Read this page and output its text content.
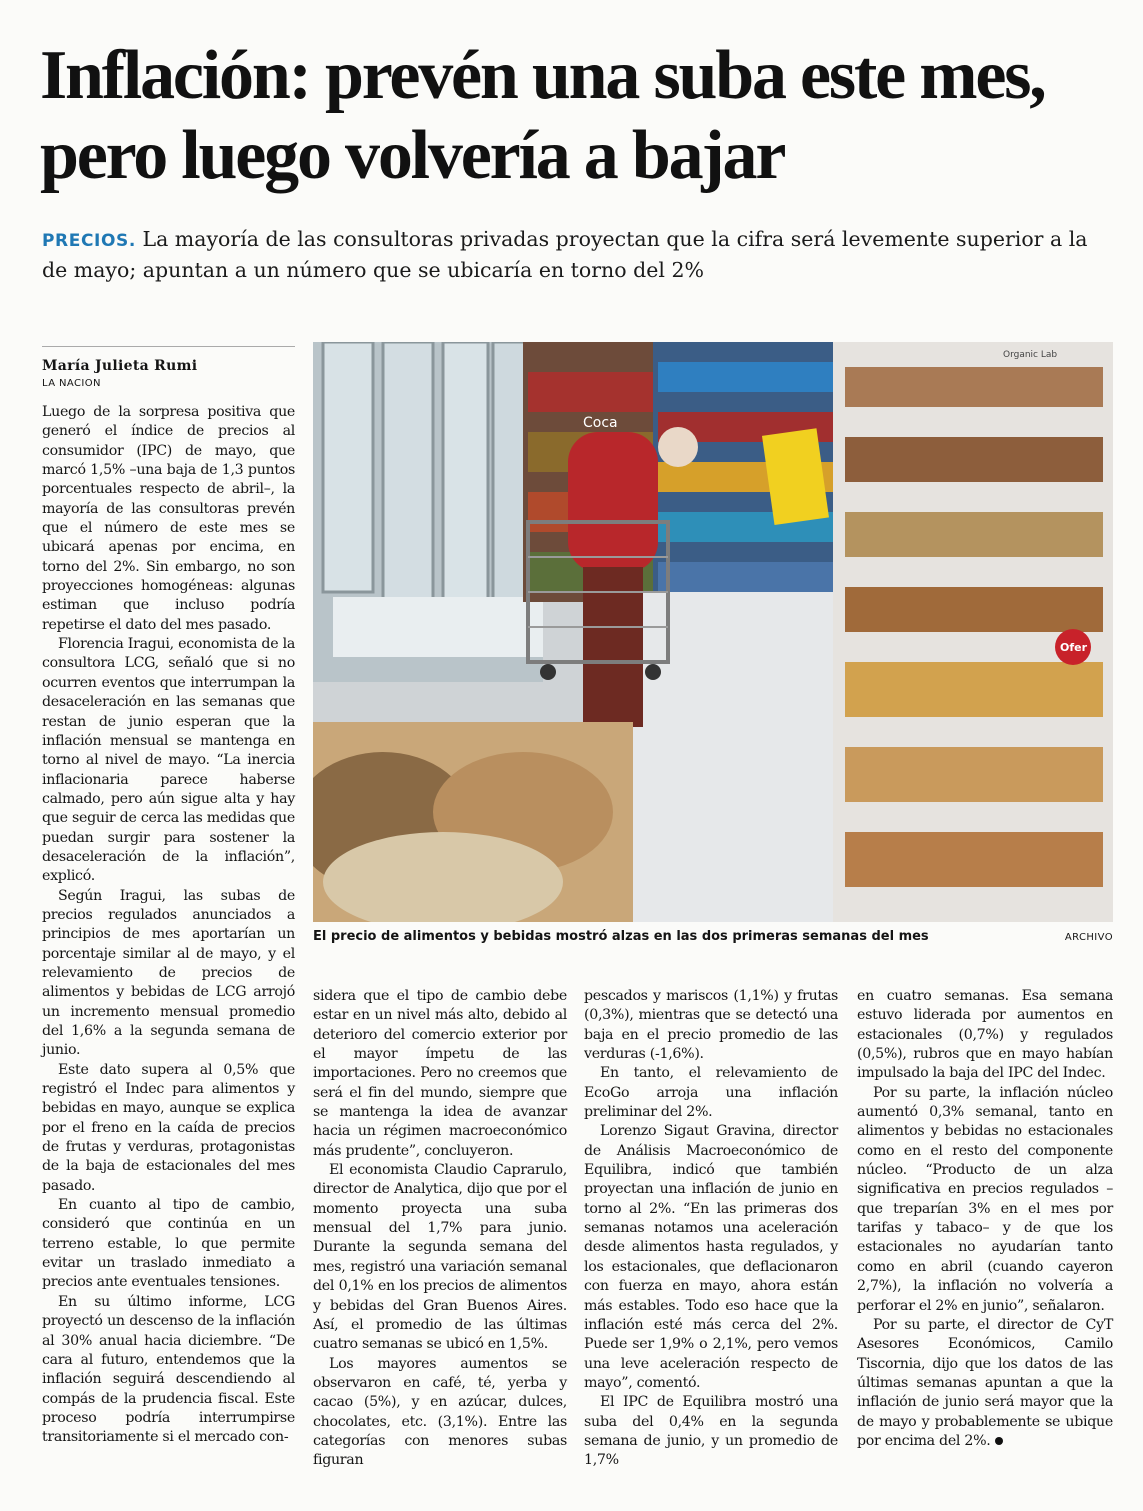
Inflación: prevén una suba este mes, pero luego volvería a bajar

PRECIOS. La mayoría de las consultoras privadas proyectan que la cifra será levemente superior a la de mayo; apuntan a un número que se ubicaría en torno del 2%

María Julieta Rumi

LA NACION

Luego de la sorpresa positiva que generó el índice de precios al consumidor (IPC) de mayo, que marcó 1,5% –una baja de 1,3 puntos porcentuales respecto de abril–, la mayoría de las consultoras prevén que el número de este mes se ubicará apenas por encima, en torno del 2%. Sin embargo, no son proyecciones homogéneas: algunas estiman que incluso podría repetirse el dato del mes pasado.

Florencia Iragui, economista de la consultora LCG, señaló que si no ocurren eventos que interrumpan la desaceleración en las semanas que restan de junio esperan que la inflación mensual se mantenga en torno al nivel de mayo. “La inercia inflacionaria parece haberse calmado, pero aún sigue alta y hay que seguir de cerca las medidas que puedan surgir para sostener la desaceleración de la inflación”, explicó.

Según Iragui, las subas de precios regulados anunciados a principios de mes aportarían un porcentaje similar al de mayo, y el relevamiento de precios de alimentos y bebidas de LCG arrojó un incremento mensual promedio del 1,6% a la segunda semana de junio.

Este dato supera al 0,5% que registró el Indec para alimentos y bebidas en mayo, aunque se explica por el freno en la caída de precios de frutas y verduras, protagonistas de la baja de estacionales del mes pasado.

En cuanto al tipo de cambio, consideró que continúa en un terreno estable, lo que permite evitar un traslado inmediato a precios ante eventuales tensiones.

En su último informe, LCG proyectó un descenso de la inflación al 30% anual hacia diciembre. “De cara al futuro, entendemos que la inflación seguirá descendiendo al compás de la prudencia fiscal. Este proceso podría interrumpirse transitoriamente si el mercado con-

Coca
Ofer
Organic Lab

El precio de alimentos y bebidas mostró alzas en las dos primeras semanas del mes	ARCHIVO

sidera que el tipo de cambio debe estar en un nivel más alto, debido al deterioro del comercio exterior por el mayor ímpetu de las importaciones. Pero no creemos que será el fin del mundo, siempre que se mantenga la idea de avanzar hacia un régimen macroeconómico más prudente”, concluyeron.

El economista Claudio Caprarulo, director de Analytica, dijo que por el momento proyecta una suba mensual del 1,7% para junio. Durante la segunda semana del mes, registró una variación semanal del 0,1% en los precios de alimentos y bebidas del Gran Buenos Aires. Así, el promedio de las últimas cuatro semanas se ubicó en 1,5%.

Los mayores aumentos se observaron en café, té, yerba y cacao (5%), y en azúcar, dulces, chocolates, etc. (3,1%). Entre las categorías con menores subas figuran

pescados y mariscos (1,1%) y frutas (0,3%), mientras que se detectó una baja en el precio promedio de las verduras (-1,6%).

En tanto, el relevamiento de EcoGo arroja una inflación preliminar del 2%.

Lorenzo Sigaut Gravina, director de Análisis Macroeconómico de Equilibra, indicó que también proyectan una inflación de junio en torno al 2%. “En las primeras dos semanas notamos una aceleración desde alimentos hasta regulados, y los estacionales, que deflacionaron con fuerza en mayo, ahora están más estables. Todo eso hace que la inflación esté más cerca del 2%. Puede ser 1,9% o 2,1%, pero vemos una leve aceleración respecto de mayo”, comentó.

El IPC de Equilibra mostró una suba del 0,4% en la segunda semana de junio, y un promedio de 1,7%

en cuatro semanas. Esa semana estuvo liderada por aumentos en estacionales (0,7%) y regulados (0,5%), rubros que en mayo habían impulsado la baja del IPC del Indec.

Por su parte, la inflación núcleo aumentó 0,3% semanal, tanto en alimentos y bebidas no estacionales como en el resto del componente núcleo. “Producto de un alza significativa en precios regulados –que treparían 3% en el mes por tarifas y tabaco– y de que los estacionales no ayudarían tanto como en abril (cuando cayeron 2,7%), la inflación no volvería a perforar el 2% en junio”, señalaron.

Por su parte, el director de CyT Asesores Económicos, Camilo Tiscornia, dijo que los datos de las últimas semanas apuntan a que la inflación de junio será mayor que la de mayo y probablemente se ubique por encima del 2%.
